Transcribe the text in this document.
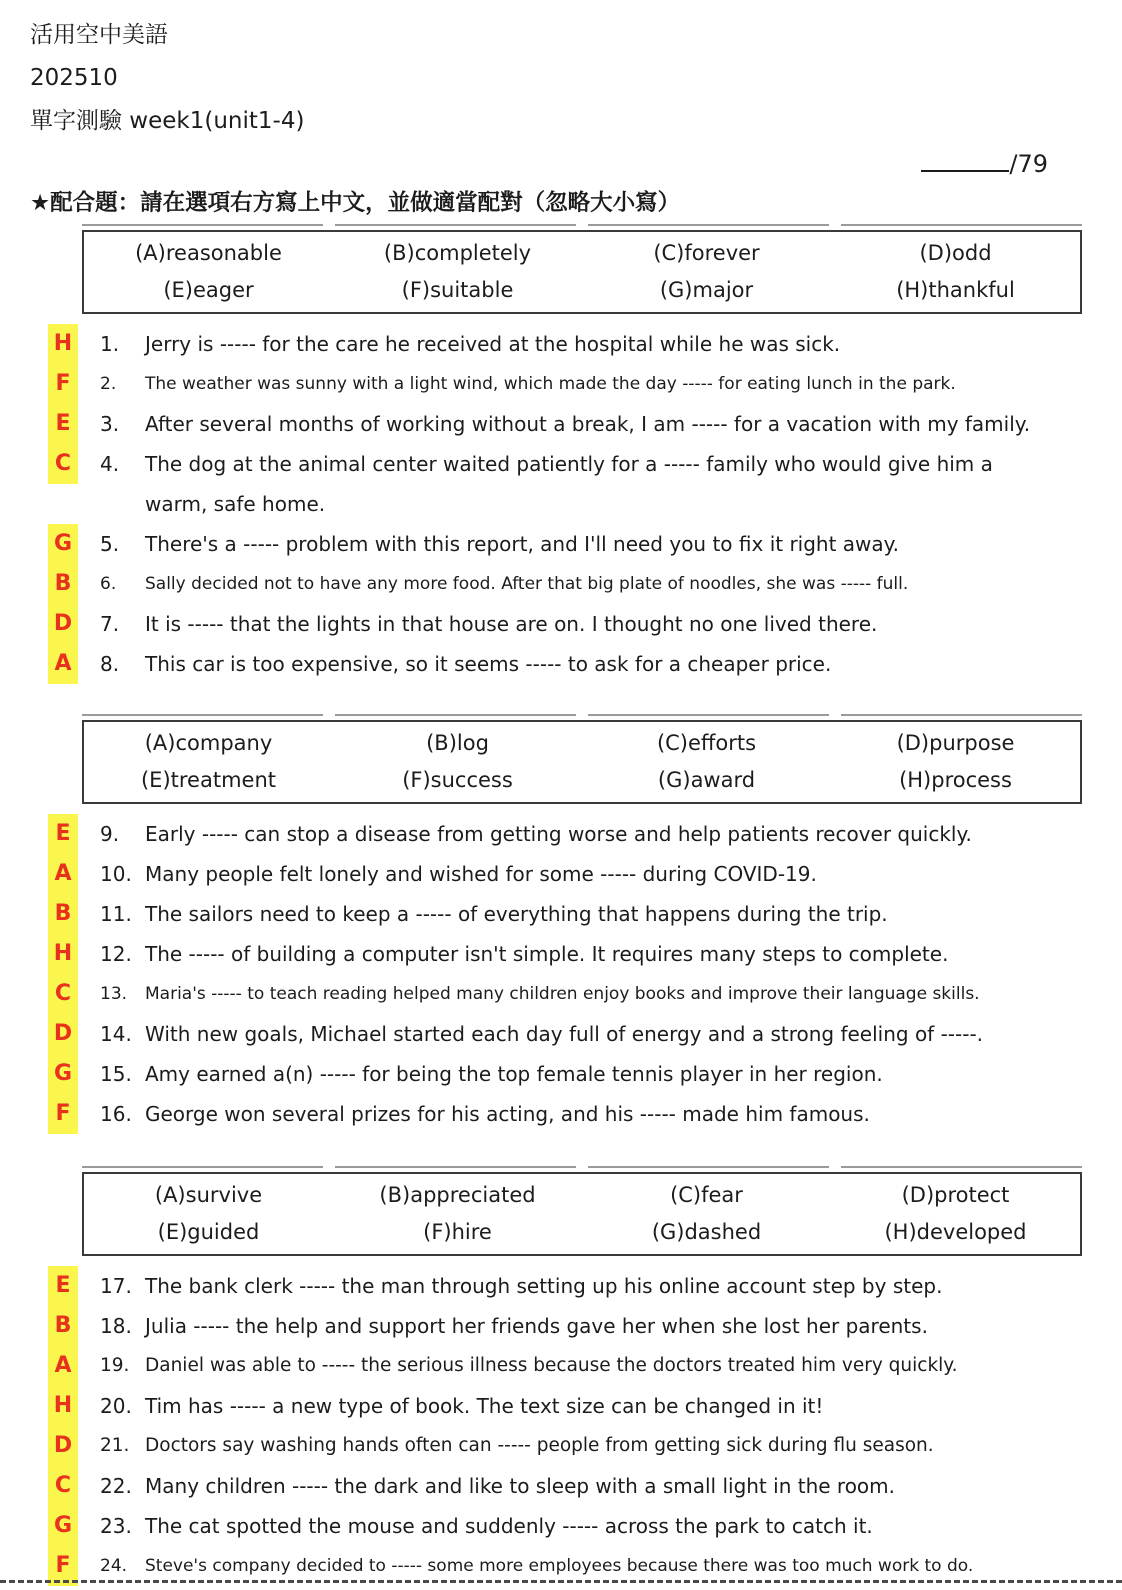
活用空中美語
202510
單字測驗 week1(unit1-4)
/79
★配合題：請在選項右方寫上中文，並做適當配對（忽略大小寫）
(A)reasonable	(B)completely	(C)forever	(D)odd
(E)eager	(F)suitable	(G)major	(H)thankful
H 1. Jerry is ----- for the care he received at the hospital while he was sick.
F	2. The weather was sunny with a light wind, which made the day ----- for eating lunch in the park.
E	3. After several months of working without a break, I am ----- for a vacation with my family.
C	4. The dog at the animal center waited patiently for a ----- family who would give him a warm, safe home.
G 5. There's a ----- problem with this report, and I'll need you to fix it right away.
B	6. Sally decided not to have any more food. After that big plate of noodles, she was ----- full.
D 7. It is ----- that the lights in that house are on. I thought no one lived there.
A	8. This car is too expensive, so it seems ----- to ask for a cheaper price.
(A)company	(B)log	(C)efforts	(D)purpose
(E)treatment	(F)success	(G)award	(H)process
E	9. Early ----- can stop a disease from getting worse and help patients recover quickly.
A	10. Many people felt lonely and wished for some ----- during COVID-19.
B	11. The sailors need to keep a ----- of everything that happens during the trip.
H 12. The ----- of building a computer isn't simple. It requires many steps to complete.
C	13. Maria's ----- to teach reading helped many children enjoy books and improve their language skills.
D 14. With new goals, Michael started each day full of energy and a strong feeling of -----.
G 15. Amy earned a(n) ----- for being the top female tennis player in her region.
F	16. George won several prizes for his acting, and his ----- made him famous.
(A)survive	(B)appreciated	(C)fear	(D)protect
(E)guided	(F)hire	(G)dashed	(H)developed
E	17. The bank clerk ----- the man through setting up his online account step by step.
B	18. Julia ----- the help and support her friends gave her when she lost her parents.
A	19. Daniel was able to ----- the serious illness because the doctors treated him very quickly.
H 20. Tim has ----- a new type of book. The text size can be changed in it!
D	21. Doctors say washing hands often can ----- people from getting sick during flu season.
C	22. Many children ----- the dark and like to sleep with a small light in the room.
G 23. The cat spotted the mouse and suddenly ----- across the park to catch it.
F	24. Steve's company decided to ----- some more employees because there was too much work to do.
